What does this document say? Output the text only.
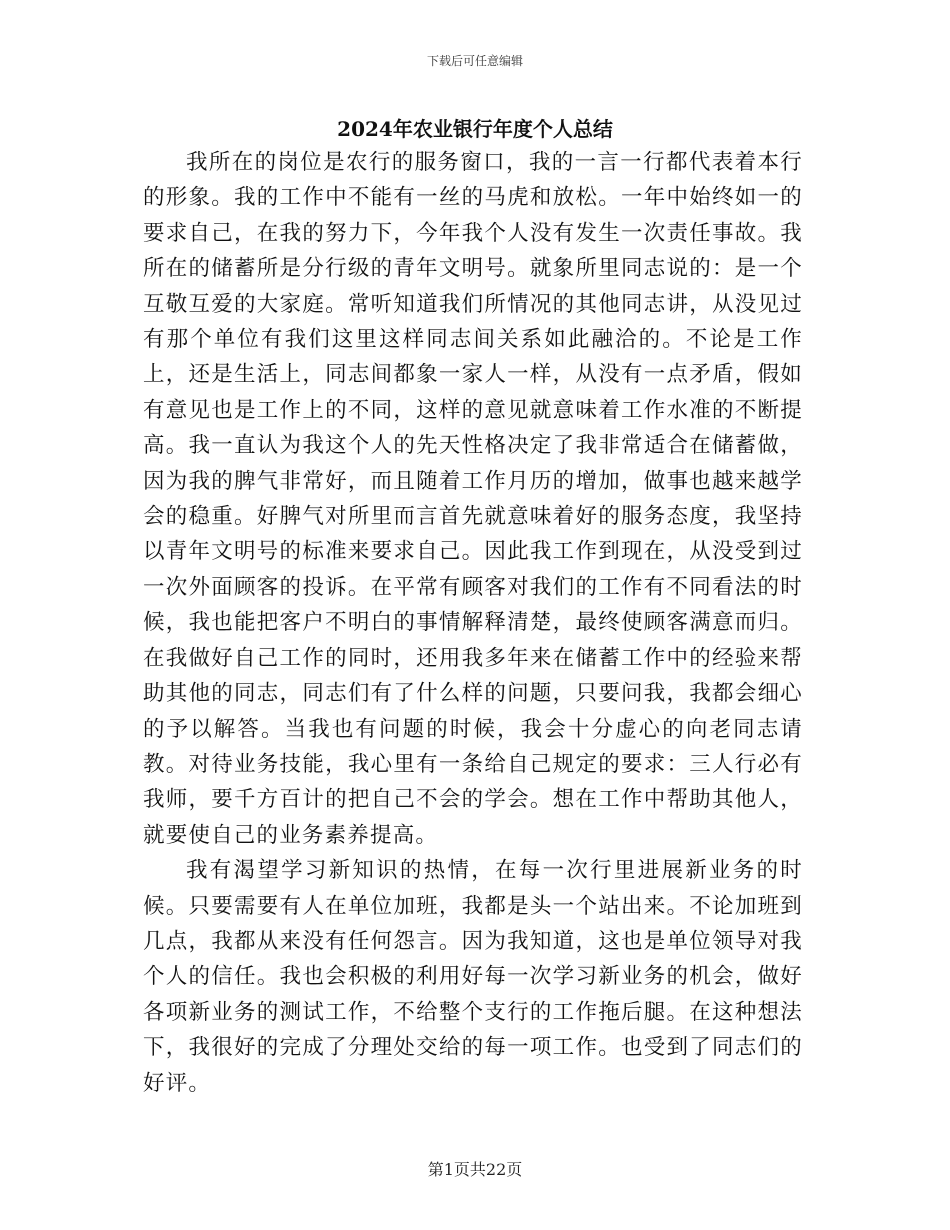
下载后可任意编辑
2024年农业银行年度个人总结

我所在的岗位是农行的服务窗口，我的一言一行都代表着本行的形象。我的工作中不能有一丝的马虎和放松。一年中始终如一的要求自己，在我的努力下，今年我个人没有发生一次责任事故。我所在的储蓄所是分行级的青年文明号。就象所里同志说的：是一个互敬互爱的大家庭。常听知道我们所情况的其他同志讲，从没见过有那个单位有我们这里这样同志间关系如此融洽的。不论是工作上，还是生活上，同志间都象一家人一样，从没有一点矛盾，假如有意见也是工作上的不同，这样的意见就意味着工作水准的不断提高。我一直认为我这个人的先天性格决定了我非常适合在储蓄做，因为我的脾气非常好，而且随着工作月历的增加，做事也越来越学会的稳重。好脾气对所里而言首先就意味着好的服务态度，我坚持以青年文明号的标准来要求自己。因此我工作到现在，从没受到过一次外面顾客的投诉。在平常有顾客对我们的工作有不同看法的时候，我也能把客户不明白的事情解释清楚，最终使顾客满意而归。在我做好自己工作的同时，还用我多年来在储蓄工作中的经验来帮助其他的同志，同志们有了什么样的问题，只要问我，我都会细心的予以解答。当我也有问题的时候，我会十分虚心的向老同志请教。对待业务技能，我心里有一条给自己规定的要求：三人行必有我师，要千方百计的把自己不会的学会。想在工作中帮助其他人，就要使自己的业务素养提高。

我有渴望学习新知识的热情，在每一次行里进展新业务的时候。只要需要有人在单位加班，我都是头一个站出来。不论加班到几点，我都从来没有任何怨言。因为我知道，这也是单位领导对我个人的信任。我也会积极的利用好每一次学习新业务的机会，做好各项新业务的测试工作，不给整个支行的工作拖后腿。在这种想法下，我很好的完成了分理处交给的每一项工作。也受到了同志们的好评。

第1页共22页
